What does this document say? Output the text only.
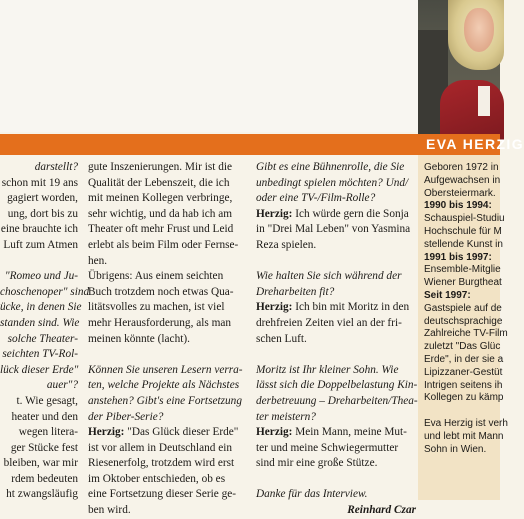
EVA HERZIG
darstellt?
schon mit 19 ans
gagiert worden,
ung, dort bis zu
eine brauchte ich
Luft zum Atmen
"Romeo und Ju-
choschenoper" sind
ücke, in denen Sie
standen sind. Wie
solche Theater-
seichten TV-Rol-
lück dieser Erde"
auer"?
t. Wie gesagt,
heater und den
wegen litera-
ger Stücke fest
bleiben, war mir
rdem bedeuten
ht zwangsläufig
gute Inszenierungen. Mir ist die
Qualität der Lebenszeit, die ich
mit meinen Kollegen verbringe,
sehr wichtig, und da hab ich am
Theater oft mehr Frust und Leid
erlebt als beim Film oder Fernse-
hen.
Übrigens: Aus einem seichten
Buch trotzdem noch etwas Qua-
litätsvolles zu machen, ist viel
mehr Herausforderung, als man
meinen könnte (lacht).
Können Sie unseren Lesern verra-
ten, welche Projekte als Nächstes
anstehen? Gibt's eine Fortsetzung
der Piber-Serie?
Herzig: "Das Glück dieser Erde"
ist vor allem in Deutschland ein
Riesenerfolg, trotzdem wird erst
im Oktober entschieden, ob es
eine Fortsetzung dieser Serie ge-
ben wird.
Gibt es eine Bühnenrolle, die Sie
unbedingt spielen möchten? Und/
oder eine TV-/Film-Rolle?
Herzig: Ich würde gern die Sonja
in "Drei Mal Leben" von Yasmina
Reza spielen.
Wie halten Sie sich während der
Dreharbeiten fit?
Herzig: Ich bin mit Moritz in den
drehfreien Zeiten viel an der fri-
schen Luft.
Moritz ist Ihr kleiner Sohn. Wie
lässt sich die Doppelbelastung Kin-
derbetreuung – Dreharbeiten/Thea-
ter meistern?
Herzig: Mein Mann, meine Mut-
ter und meine Schwiegermutter
sind mir eine große Stütze.
Danke für das Interview.
Reinhard Czar
Geboren 1972 in
Aufgewachsen in
Obersteiermark.
1990 bis 1994:
Schauspiel-Studiu
Hochschule für M
stellende Kunst in
1991 bis 1997:
Ensemble-Mitglie
Wiener Burgtheat
Seit 1997:
Gastspiele auf de
deutschsprachige
Zahlreiche TV-Film
zuletzt "Das Glüc
Erde", in der sie a
Lipizzaner-Gestüt
Intrigen seitens ih
Kollegen zu kämp
Eva Herzig ist verh
und lebt mit Mann
Sohn in Wien.
